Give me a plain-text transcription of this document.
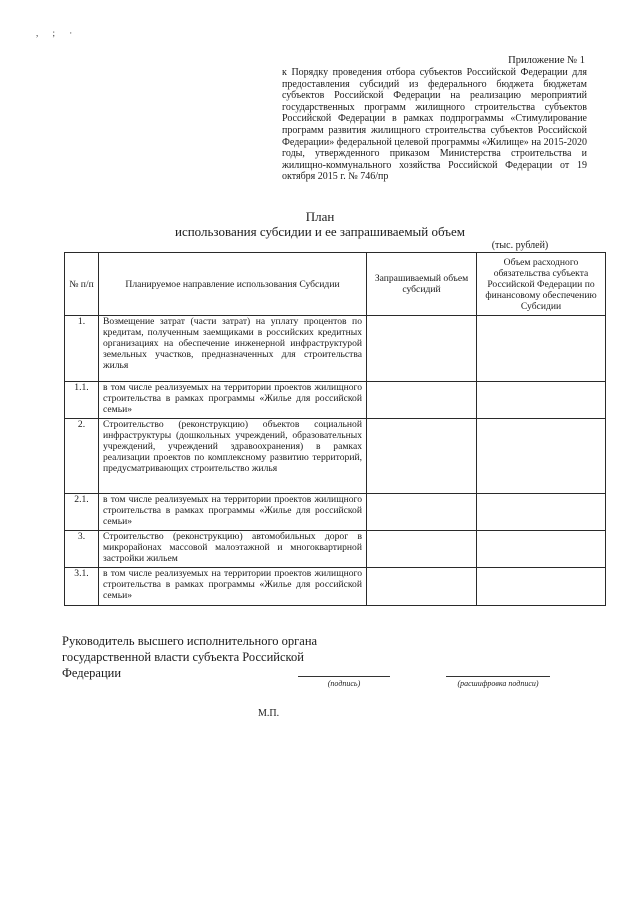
, ; ·
Приложение № 1
к Порядку проведения отбора субъектов Российской Федерации для предоставления субсидий из федерального бюджета бюджетам субъектов Российской Федерации на реализацию мероприятий государственных программ жилищного строительства субъектов Российской Федерации в рамках подпрограммы «Стимулирование программ развития жилищного строительства субъектов Российской Федерации» федеральной целевой программы «Жилище» на 2015-2020 годы, утвержденного приказом Министерства строительства и жилищно-коммунального хозяйства Российской Федерации от 19 октября 2015 г. № 746/пр
План
использования субсидии и ее запрашиваемый объем
(тыс. рублей)
№ п/п	Планируемое направление использования Субсидии	Запрашиваемый объем субсидий	Объем расходного обязательства субъекта Российской Федерации по финансовому обеспечению Субсидии
1.	Возмещение затрат (части затрат) на уплату процентов по кредитам, полученным заемщиками в российских кредитных организациях на обеспечение инженерной инфраструктурой земельных участков, предназначенных для строительства жилья		
1.1.	в том числе реализуемых на территории проектов жилищного строительства в рамках программы «Жилье для российской семьи»		
2.	Строительство (реконструкцию) объектов социальной инфраструктуры (дошкольных учреждений, образовательных учреждений, учреждений здравоохранения) в рамках реализации проектов по комплексному развитию территорий, предусматривающих строительство жилья		
2.1.	в том числе реализуемых на территории проектов жилищного строительства в рамках программы «Жилье для российской семьи»		
3.	Строительство (реконструкцию) автомобильных дорог в микрорайонах массовой малоэтажной и многоквартирной застройки жильем		
3.1.	в том числе реализуемых на территории проектов жилищного строительства в рамках программы «Жилье для российской семьи»		
Руководитель высшего исполнительного органа государственной власти субъекта Российской Федерации
(подпись)	(расшифровка подписи)
М.П.
